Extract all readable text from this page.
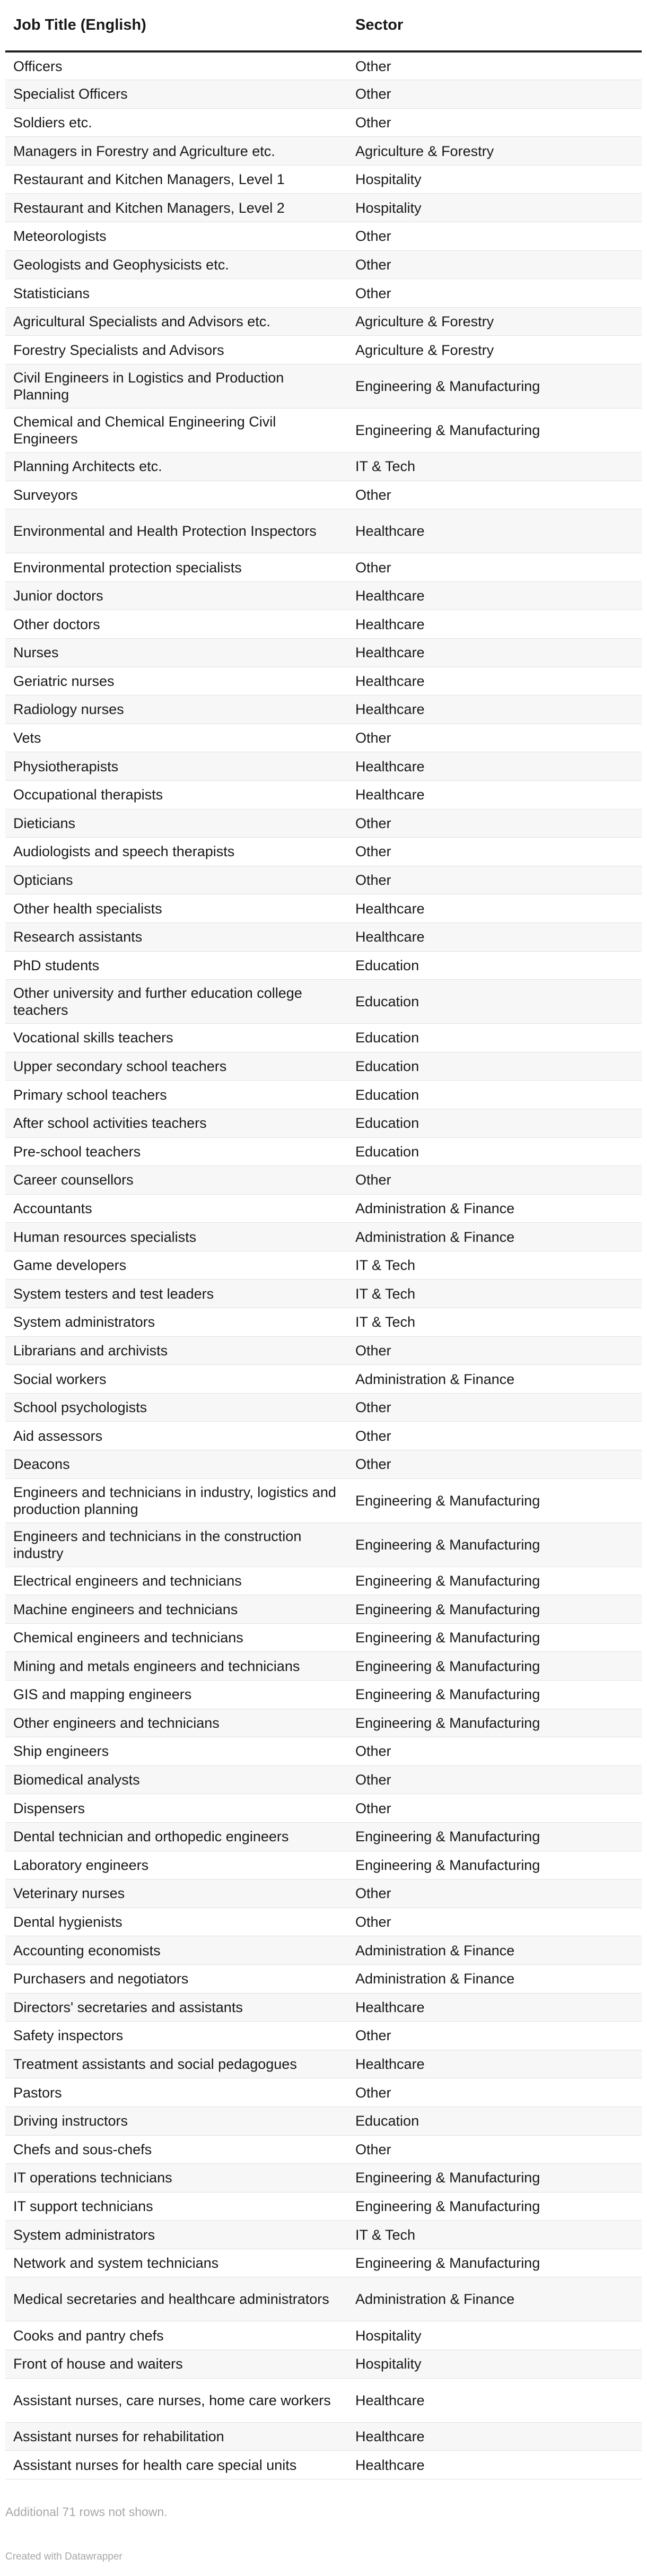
Job Title (English)	Sector
Officers	Other
Specialist Officers	Other
Soldiers etc.	Other
Managers in Forestry and Agriculture etc.	Agriculture & Forestry
Restaurant and Kitchen Managers, Level 1	Hospitality
Restaurant and Kitchen Managers, Level 2	Hospitality
Meteorologists	Other
Geologists and Geophysicists etc.	Other
Statisticians	Other
Agricultural Specialists and Advisors etc.	Agriculture & Forestry
Forestry Specialists and Advisors	Agriculture & Forestry
Civil Engineers in Logistics and Production Planning	Engineering & Manufacturing
Chemical and Chemical Engineering Civil Engineers	Engineering & Manufacturing
Planning Architects etc.	IT & Tech
Surveyors	Other
Environmental and Health Protection Inspectors	Healthcare
Environmental protection specialists	Other
Junior doctors	Healthcare
Other doctors	Healthcare
Nurses	Healthcare
Geriatric nurses	Healthcare
Radiology nurses	Healthcare
Vets	Other
Physiotherapists	Healthcare
Occupational therapists	Healthcare
Dieticians	Other
Audiologists and speech therapists	Other
Opticians	Other
Other health specialists	Healthcare
Research assistants	Healthcare
PhD students	Education
Other university and further education college teachers	Education
Vocational skills teachers	Education
Upper secondary school teachers	Education
Primary school teachers	Education
After school activities teachers	Education
Pre-school teachers	Education
Career counsellors	Other
Accountants	Administration & Finance
Human resources specialists	Administration & Finance
Game developers	IT & Tech
System testers and test leaders	IT & Tech
System administrators	IT & Tech
Librarians and archivists	Other
Social workers	Administration & Finance
School psychologists	Other
Aid assessors	Other
Deacons	Other
Engineers and technicians in industry, logistics and production planning	Engineering & Manufacturing
Engineers and technicians in the construction industry	Engineering & Manufacturing
Electrical engineers and technicians	Engineering & Manufacturing
Machine engineers and technicians	Engineering & Manufacturing
Chemical engineers and technicians	Engineering & Manufacturing
Mining and metals engineers and technicians	Engineering & Manufacturing
GIS and mapping engineers	Engineering & Manufacturing
Other engineers and technicians	Engineering & Manufacturing
Ship engineers	Other
Biomedical analysts	Other
Dispensers	Other
Dental technician and orthopedic engineers	Engineering & Manufacturing
Laboratory engineers	Engineering & Manufacturing
Veterinary nurses	Other
Dental hygienists	Other
Accounting economists	Administration & Finance
Purchasers and negotiators	Administration & Finance
Directors' secretaries and assistants	Healthcare
Safety inspectors	Other
Treatment assistants and social pedagogues	Healthcare
Pastors	Other
Driving instructors	Education
Chefs and sous-chefs	Other
IT operations technicians	Engineering & Manufacturing
IT support technicians	Engineering & Manufacturing
System administrators	IT & Tech
Network and system technicians	Engineering & Manufacturing
Medical secretaries and healthcare administrators	Administration & Finance
Cooks and pantry chefs	Hospitality
Front of house and waiters	Hospitality
Assistant nurses, care nurses, home care workers	Healthcare
Assistant nurses for rehabilitation	Healthcare
Assistant nurses for health care special units	Healthcare
Additional 71 rows not shown.
Created with Datawrapper
